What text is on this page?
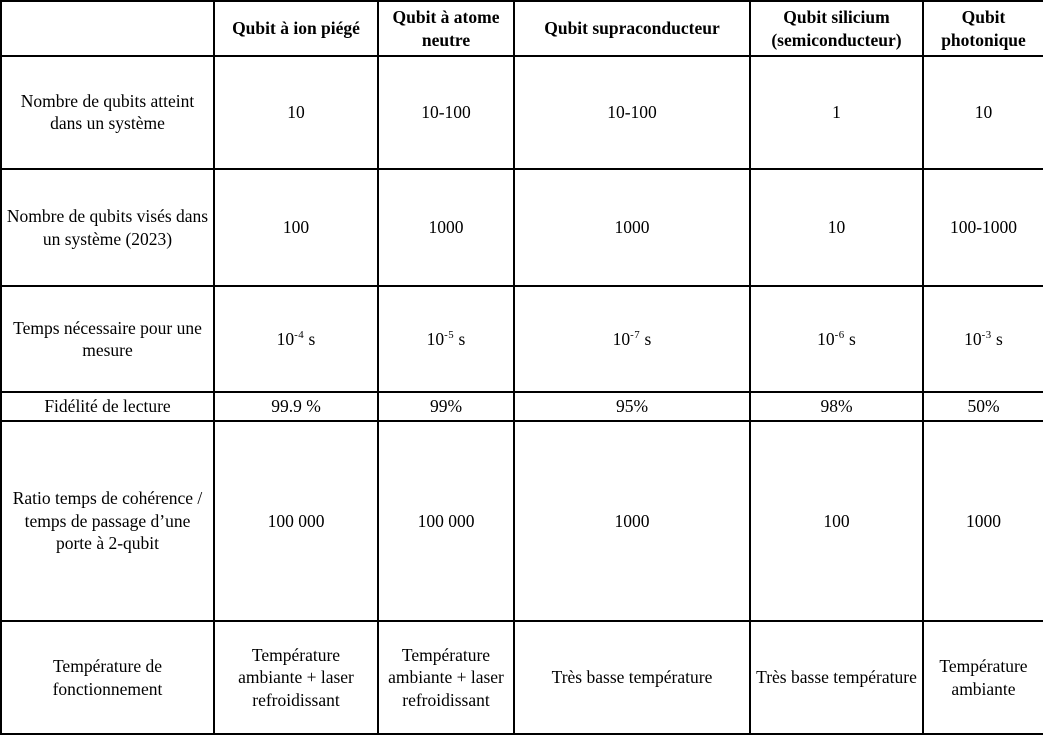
	Qubit à ion piégé	Qubit à atome neutre	Qubit supraconducteur	Qubit silicium (semiconducteur)	Qubit photonique
Nombre de qubits atteint dans un système	10	10-100	10-100	1	10
Nombre de qubits visés dans un système (2023)	100	1000	1000	10	100-1000
Temps nécessaire pour une mesure	$10^{-4}$ s	$10^{-5}$ s	$10^{-7}$ s	$10^{-6}$ s	$10^{-3}$ s
Fidélité de lecture	99.9 %	99%	95%	98%	50%
Ratio temps de cohérence / temps de passage d’une porte à 2-qubit	100 000	100 000	1000	100	1000
Température de fonctionnement	Température ambiante + laser refroidissant	Température ambiante + laser refroidissant	Très basse température	Très basse température	Température ambiante
